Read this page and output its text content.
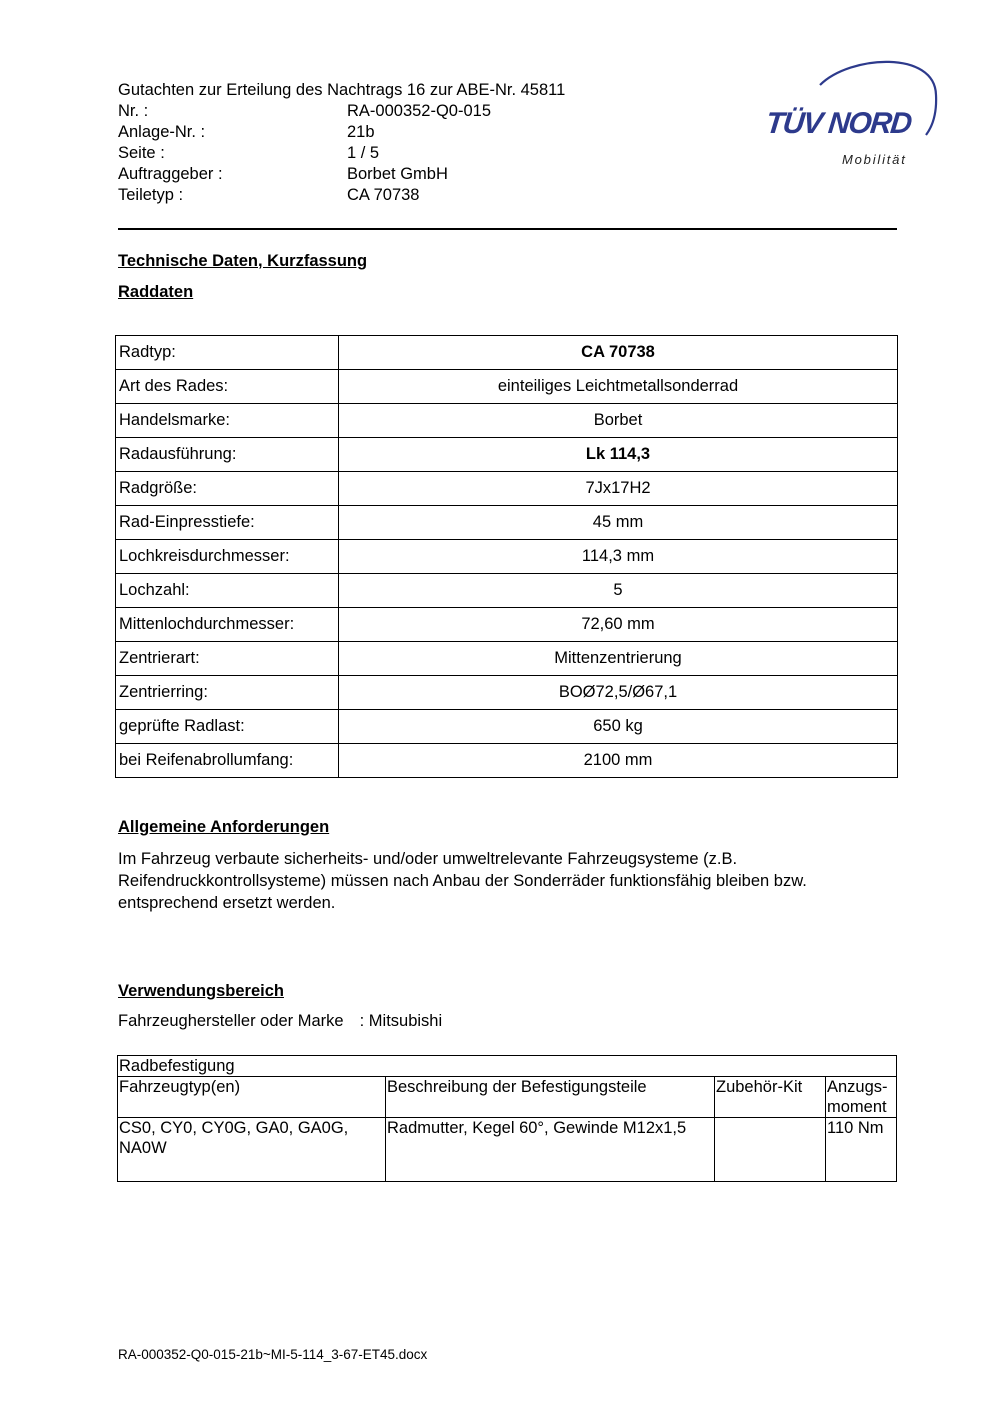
Gutachten zur Erteilung des Nachtrags 16 zur ABE-Nr. 45811
Nr. :	RA-000352-Q0-015
Anlage-Nr. :	21b
Seite :	1 / 5
Auftraggeber :	Borbet GmbH
Teiletyp :	CA 70738
TÜV NORD
Mobilität
Technische Daten, Kurzfassung
Raddaten
Radtyp:	CA 70738
Art des Rades:	einteiliges Leichtmetallsonderrad
Handelsmarke:	Borbet
Radausführung:	Lk 114,3
Radgröße:	7Jx17H2
Rad-Einpresstiefe:	45 mm
Lochkreisdurchmesser:	114,3 mm
Lochzahl:	5
Mittenlochdurchmesser:	72,60 mm
Zentrierart:	Mittenzentrierung
Zentrierring:	BOØ72,5/Ø67,1
geprüfte Radlast:	650 kg
bei Reifenabrollumfang:	2100 mm
Allgemeine Anforderungen
Im Fahrzeug verbaute sicherheits- und/oder umweltrelevante Fahrzeugsysteme (z.B.
Reifendruckkontrollsysteme) müssen nach Anbau der Sonderräder funktionsfähig bleiben bzw.
entsprechend ersetzt werden.
Verwendungsbereich
Fahrzeughersteller oder Marke : Mitsubishi
Radbefestigung			
Fahrzeugtyp(en)	Beschreibung der Befestigungsteile	Zubehör-Kit	Anzugs-moment
CS0, CY0, CY0G, GA0, GA0G, NA0W	Radmutter, Kegel 60°, Gewinde M12x1,5		110 Nm
RA-000352-Q0-015-21b~MI-5-114_3-67-ET45.docx
